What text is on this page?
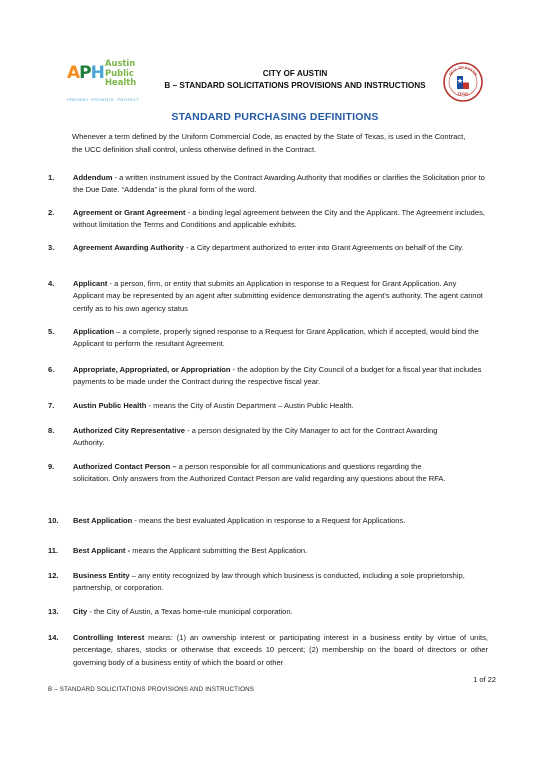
APH Austin
Public
Health
PREVENT. PROMOTE. PROTECT.
CITY OF AUSTIN
B – STANDARD SOLICITATIONS PROVISIONS AND INSTRUCTIONS
SEAL OF AUSTIN
TEXAS
STANDARD PURCHASING DEFINITIONS
Whenever a term defined by the Uniform Commercial Code, as enacted by the State of Texas, is used in the Contract, the UCC definition shall control, unless otherwise defined in the Contract.
1. Addendum - a written instrument issued by the Contract Awarding Authority that modifies or clarifies the Solicitation prior to the Due Date. “Addenda” is the plural form of the word.
2. Agreement or Grant Agreement - a binding legal agreement between the City and the Applicant. The Agreement includes, without limitation the Terms and Conditions and applicable exhibits.
3. Agreement Awarding Authority - a City department authorized to enter into Grant Agreements on behalf of the City.
4. Applicant - a person, firm, or entity that submits an Application in response to a Request for Grant Application. Any Applicant may be represented by an agent after submitting evidence demonstrating the agent’s authority. The agent cannot certify as to his own agency status
5. Application – a complete, properly signed response to a Request for Grant Application, which if accepted, would bind the Applicant to perform the resultant Agreement.
6. Appropriate, Appropriated, or Appropriation - the adoption by the City Council of a budget for a fiscal year that includes payments to be made under the Contract during the respective fiscal year.
7. Austin Public Health - means the City of Austin Department – Austin Public Health.
8. Authorized City Representative - a person designated by the City Manager to act for the Contract Awarding Authority.
9. Authorized Contact Person – a person responsible for all communications and questions regarding the solicitation. Only answers from the Authorized Contact Person are valid regarding any questions about the RFA.
10. Best Application - means the best evaluated Application in response to a Request for Applications.
11. Best Applicant - means the Applicant submitting the Best Application.
12. Business Entity – any entity recognized by law through which business is conducted, including a sole proprietorship, partnership, or corporation.
13. City - the City of Austin, a Texas home-rule municipal corporation.
14. Controlling Interest means: (1) an ownership interest or participating interest in a business entity by virtue of units, percentage, shares, stocks or otherwise that exceeds 10 percent; (2) membership on the board of directors or other governing body of a business entity of which the board or other
1 of 22
B – STANDARD SOLICITATIONS PROVISIONS AND INSTRUCTIONS
